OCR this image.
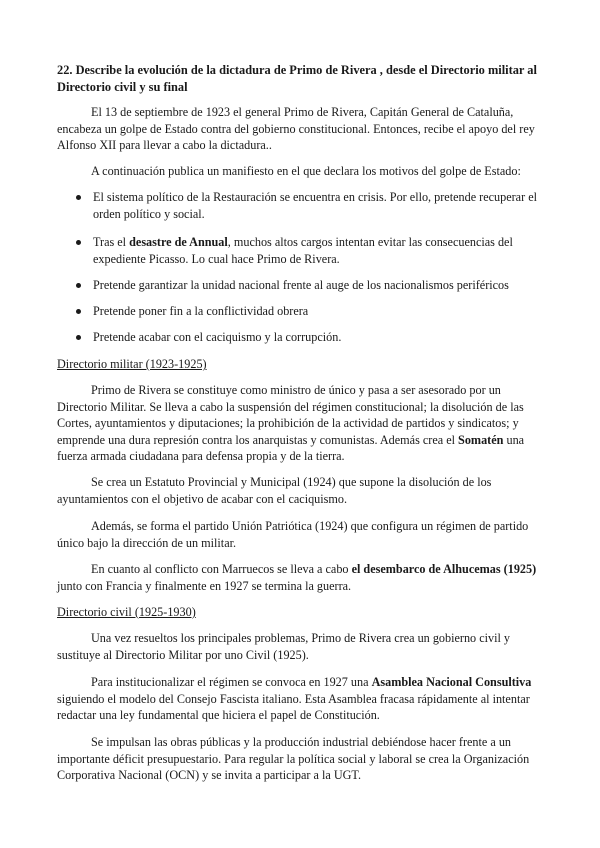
22. Describe la evolución de la dictadura de Primo de Rivera , desde el Directorio militar al Directorio civil y su final

El 13 de septiembre de 1923 el general Primo de Rivera, Capitán General de Cataluña, encabeza un golpe de Estado contra del gobierno constitucional. Entonces, recibe el apoyo del rey Alfonso XII para llevar a cabo la dictadura..

A continuación publica un manifiesto en el que declara los motivos del golpe de Estado:

El sistema político de la Restauración se encuentra en crisis. Por ello, pretende recuperar el orden político y social.

Tras el desastre de Annual, muchos altos cargos intentan evitar las consecuencias del expediente Picasso. Lo cual hace Primo de Rivera.

Pretende garantizar la unidad nacional frente al auge de los nacionalismos periféricos

Pretende poner fin a la conflictividad obrera

Pretende acabar con el caciquismo y la corrupción.

Directorio militar (1923-1925)

Primo de Rivera se constituye como ministro de único y pasa a ser asesorado por un Directorio Militar. Se lleva a cabo la suspensión del régimen constitucional; la disolución de las Cortes, ayuntamientos y diputaciones; la prohibición de la actividad de partidos y sindicatos; y emprende una dura represión contra los anarquistas y comunistas. Además crea el Somatén una fuerza armada ciudadana para defensa propia y de la tierra.

Se crea un Estatuto Provincial y Municipal (1924) que supone la disolución de los ayuntamientos con el objetivo de acabar con el caciquismo.

Además, se forma el partido Unión Patriótica (1924) que configura un régimen de partido único bajo la dirección de un militar.

En cuanto al conflicto con Marruecos se lleva a cabo el desembarco de Alhucemas (1925) junto con Francia y finalmente en 1927 se termina la guerra.

Directorio civil (1925-1930)

Una vez resueltos los principales problemas, Primo de Rivera crea un gobierno civil y sustituye al Directorio Militar por uno Civil (1925).

Para institucionalizar el régimen se convoca en 1927 una Asamblea Nacional Consultiva siguiendo el modelo del Consejo Fascista italiano. Esta Asamblea fracasa rápidamente al intentar redactar una ley fundamental que hiciera el papel de Constitución.

Se impulsan las obras públicas y la producción industrial debiéndose hacer frente a un importante déficit presupuestario. Para regular la política social y laboral se crea la Organización Corporativa Nacional (OCN) y se invita a participar a la UGT.
